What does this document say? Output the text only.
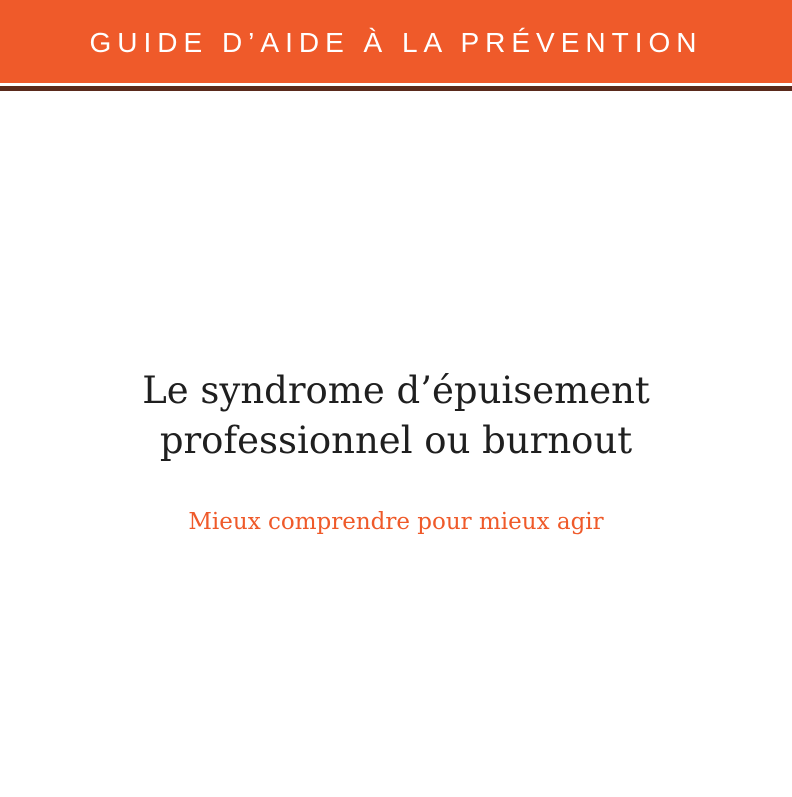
GUIDE D’AIDE À LA PRÉVENTION
Le syndrome d’épuisement
professionnel ou burnout

Mieux comprendre pour mieux agir
